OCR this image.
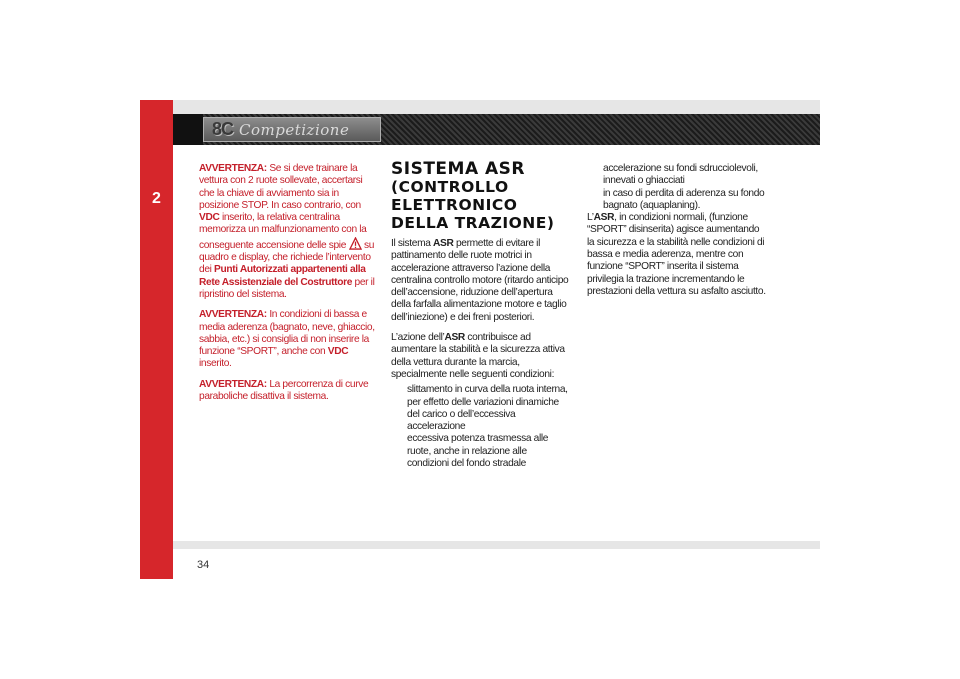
2
8C Competizione

AVVERTENZA: Se si deve trainare la vettura con 2 ruote sollevate, accertarsi che la chiave di avviamento sia in posizione STOP. In caso contrario, con VDC inserito, la relativa centralina memorizza un malfunzionamento con la conseguente accensione delle spie  su quadro e display, che richiede l’intervento dei Punti Autorizzati appartenenti alla Rete Assistenziale del Costruttore per il ripristino del sistema.

AVVERTENZA: In condizioni di bassa e media aderenza (bagnato, neve, ghiaccio, sabbia, etc.) si consiglia di non inserire la funzione “SPORT”, anche con VDC inserito.

AVVERTENZA: La percorrenza di curve paraboliche disattiva il sistema.

SISTEMA ASR
(CONTROLLO ELETTRONICO DELLA TRAZIONE)

Il sistema ASR permette di evitare il pattinamento delle ruote motrici in accelerazione attraverso l’azione della centralina controllo motore (ritardo anticipo dell’accensione, riduzione dell’apertura della farfalla alimentazione motore e taglio dell’iniezione) e dei freni posteriori.

L’azione dell’ASR contribuisce ad aumentare la stabilità e la sicurezza attiva della vettura durante la marcia, specialmente nelle seguenti condizioni:

slittamento in curva della ruota interna, per effetto delle variazioni dinamiche del carico o dell’eccessiva accelerazione

eccessiva potenza trasmessa alle ruote, anche in relazione alle condizioni del fondo stradale

accelerazione su fondi sdrucciolevoli, innevati o ghiacciati

in caso di perdita di aderenza su fondo bagnato (aquaplaning).

L’ASR, in condizioni normali, (funzione “SPORT” disinserita) agisce aumentando la sicurezza e la stabilità nelle condizioni di bassa e media aderenza, mentre con funzione “SPORT” inserita il sistema privilegia la trazione incrementando le prestazioni della vettura su asfalto asciutto.

34
